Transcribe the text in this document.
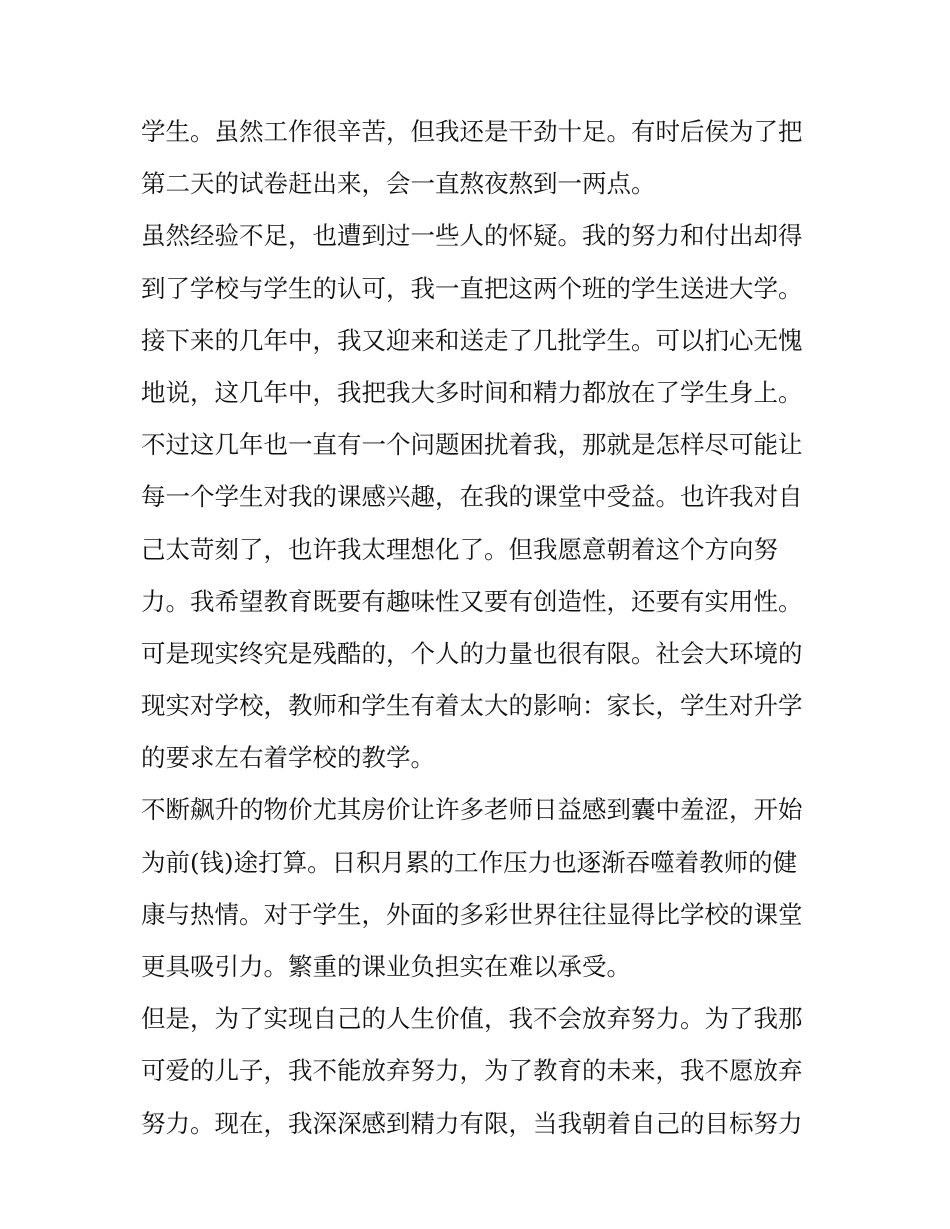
学生。虽然工作很辛苦，但我还是干劲十足。有时后侯为了把
第二天的试卷赶出来，会一直熬夜熬到一两点。
虽然经验不足，也遭到过一些人的怀疑。我的努力和付出却得
到了学校与学生的认可，我一直把这两个班的学生送进大学。
接下来的几年中，我又迎来和送走了几批学生。可以扪心无愧
地说，这几年中，我把我大多时间和精力都放在了学生身上。
不过这几年也一直有一个问题困扰着我，那就是怎样尽可能让
每一个学生对我的课感兴趣，在我的课堂中受益。也许我对自
己太苛刻了，也许我太理想化了。但我愿意朝着这个方向努
力。我希望教育既要有趣味性又要有创造性，还要有实用性。
可是现实终究是残酷的，个人的力量也很有限。社会大环境的
现实对学校，教师和学生有着太大的影响：家长，学生对升学
的要求左右着学校的教学。
不断飙升的物价尤其房价让许多老师日益感到囊中羞涩，开始
为前(钱)途打算。日积月累的工作压力也逐渐吞噬着教师的健
康与热情。对于学生，外面的多彩世界往往显得比学校的课堂
更具吸引力。繁重的课业负担实在难以承受。
但是，为了实现自己的人生价值，我不会放弃努力。为了我那
可爱的儿子，我不能放弃努力，为了教育的未来，我不愿放弃
努力。现在，我深深感到精力有限，当我朝着自己的目标努力
